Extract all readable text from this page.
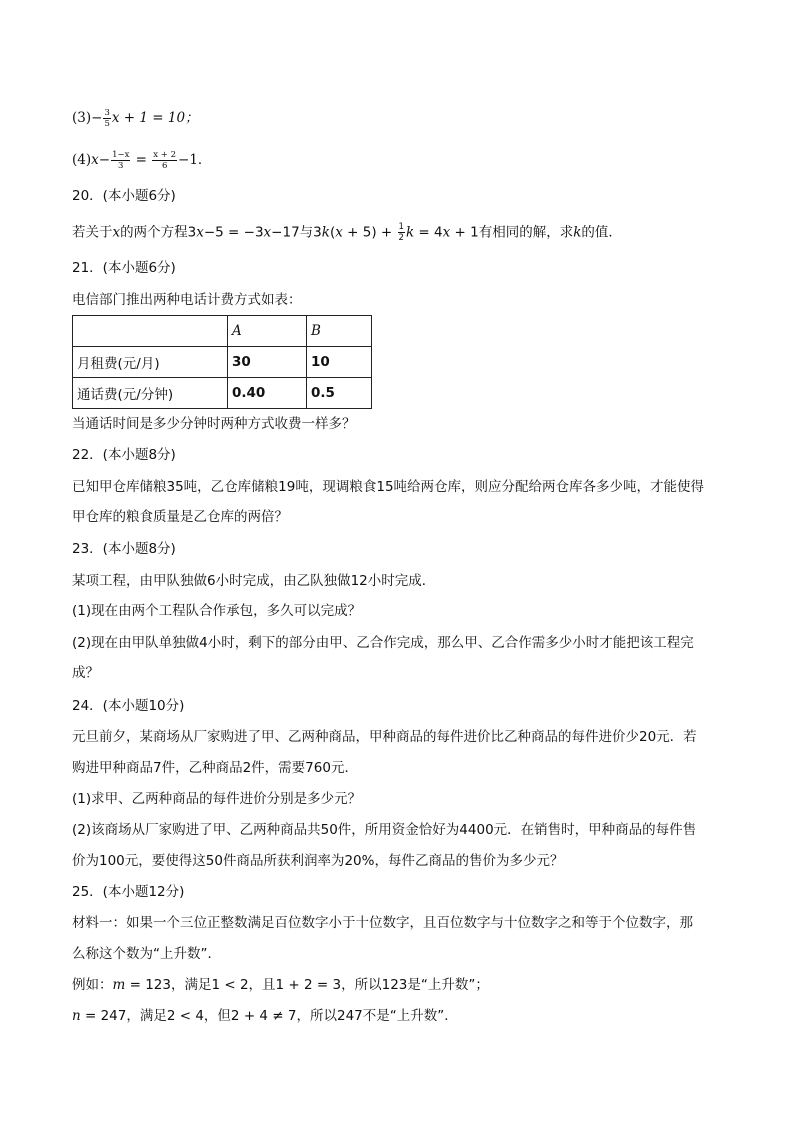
$(3)- \frac{3}{5}$ x + 1 = 10；
$(4)x- \frac{1-x}{3} = \frac{x + 2}{6} -1$．
20．(本小题6分)
若关于x的两个方程3x−5 = −3x−17与$3k(x + 5) + \frac{1}{2}$ k = 4x + 1有相同的解，求k的值．
21．(本小题6分)
电信部门推出两种电话计费方式如表：
	A	B
月租费(元/月)	30	10
通话费(元/分钟)	0.40	0.5
当通话时间是多少分钟时两种方式收费一样多？
22．(本小题8分)
已知甲仓库储粮35吨，乙仓库储粮19吨，现调粮食15吨给两仓库，则应分配给两仓库各多少吨，才能使得
甲仓库的粮食质量是乙仓库的两倍？
23．(本小题8分)
某项工程，由甲队独做6小时完成，由乙队独做12小时完成．
(1)现在由两个工程队合作承包，多久可以完成？
(2)现在由甲队单独做4小时，剩下的部分由甲、乙合作完成，那么甲、乙合作需多少小时才能把该工程完
成？
24．(本小题10分)
元旦前夕，某商场从厂家购进了甲、乙两种商品，甲种商品的每件进价比乙种商品的每件进价少20元．若
购进甲种商品7件，乙种商品2件，需要760元．
(1)求甲、乙两种商品的每件进价分别是多少元？
(2)该商场从厂家购进了甲、乙两种商品共50件，所用资金恰好为4400元．在销售时，甲种商品的每件售
价为100元，要使得这50件商品所获利润率为20%，每件乙商品的售价为多少元？
25．(本小题12分)
材料一：如果一个三位正整数满足百位数字小于十位数字，且百位数字与十位数字之和等于个位数字，那
么称这个数为“上升数”．
例如：m = 123，满足1 < 2，且1 + 2 = 3，所以123是“上升数”；
n = 247，满足2 < 4，但2 + 4 ≠ 7，所以247不是“上升数”．
